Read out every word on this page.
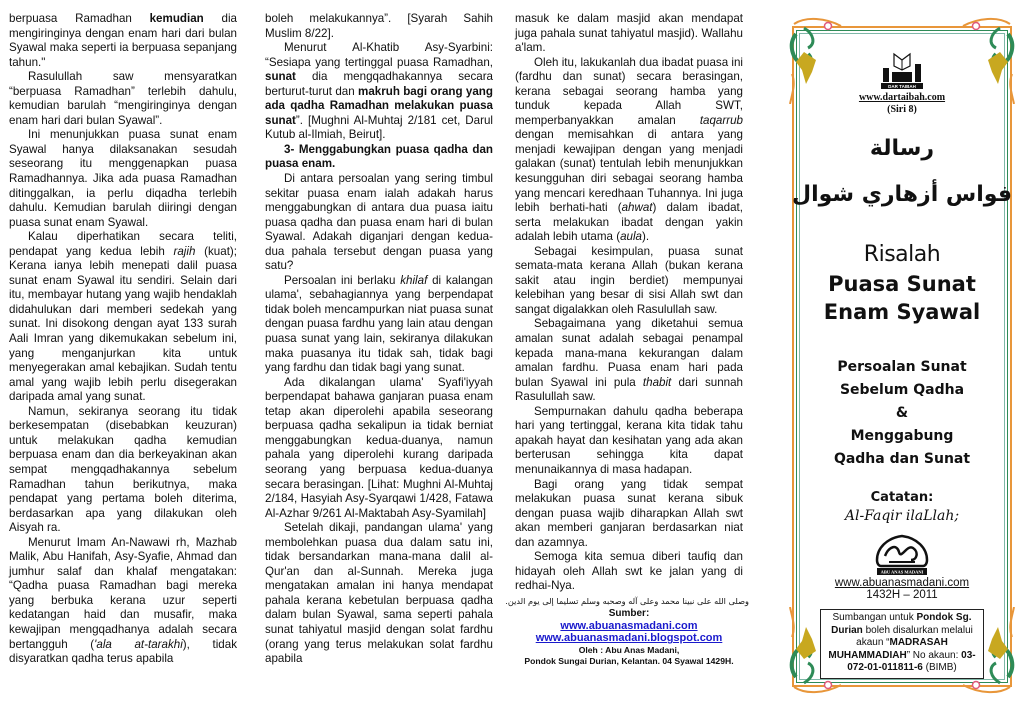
berpuasa Ramadhan kemudian dia mengiringinya dengan enam hari dari bulan Syawal maka seperti ia berpuasa sepanjang tahun."

Rasulullah saw mensyaratkan “berpuasa Ramadhan” terlebih dahulu, kemudian barulah “mengiringinya dengan enam hari dari bulan Syawal”.

Ini menunjukkan puasa sunat enam Syawal hanya dilaksanakan sesudah seseorang itu menggenapkan puasa Ramadhannya. Jika ada puasa Ramadhan ditinggalkan, ia perlu diqadha terlebih dahulu. Kemudian barulah diiringi dengan puasa sunat enam Syawal.

Kalau diperhatikan secara teliti, pendapat yang kedua lebih rajih (kuat); Kerana ianya lebih menepati dalil puasa sunat enam Syawal itu sendiri. Selain dari itu, membayar hutang yang wajib hendaklah didahulukan dari memberi sedekah yang sunat. Ini disokong dengan ayat 133 surah Aali Imran yang dikemukakan sebelum ini, yang menganjurkan kita untuk menyegerakan amal kebajikan. Sudah tentu amal yang wajib lebih perlu disegerakan daripada amal yang sunat.

Namun, sekiranya seorang itu tidak berkesempatan (disebabkan keuzuran) untuk melakukan qadha kemudian berpuasa enam dan dia berkeyakinan akan sempat mengqadhakannya sebelum Ramadhan tahun berikutnya, maka pendapat yang pertama boleh diterima, berdasarkan apa yang dilakukan oleh Aisyah ra.

Menurut Imam An-Nawawi rh, Mazhab Malik, Abu Hanifah, Asy-Syafie, Ahmad dan jumhur salaf dan khalaf mengatakan: “Qadha puasa Ramadhan bagi mereka yang berbuka kerana uzur seperti kedatangan haid dan musafir, maka kewajipan mengqadhanya adalah secara bertangguh ('ala at-tarakhi), tidak disyaratkan qadha terus apabila

boleh melakukannya”. [Syarah Sahih Muslim 8/22].

Menurut Al-Khatib Asy-Syarbini: “Sesiapa yang tertinggal puasa Ramadhan, sunat dia mengqadhakannya secara berturut-turut dan makruh bagi orang yang ada qadha Ramadhan melakukan puasa sunat”. [Mughni Al-Muhtaj 2/181 cet, Darul Kutub al-Ilmiah, Beirut].

3- Menggabungkan puasa qadha dan puasa enam.

Di antara persoalan yang sering timbul sekitar puasa enam ialah adakah harus menggabungkan di antara dua puasa iaitu puasa qadha dan puasa enam hari di bulan Syawal. Adakah diganjari dengan kedua-dua pahala tersebut dengan puasa yang satu?

Persoalan ini berlaku khilaf di kalangan ulama', sebahagiannya yang berpendapat tidak boleh mencampurkan niat puasa sunat dengan puasa fardhu yang lain atau dengan puasa sunat yang lain, sekiranya dilakukan maka puasanya itu tidak sah, tidak bagi yang fardhu dan tidak bagi yang sunat.

Ada dikalangan ulama' Syafi'iyyah berpendapat bahawa ganjaran puasa enam tetap akan diperolehi apabila seseorang berpuasa qadha sekalipun ia tidak berniat menggabungkan kedua-duanya, namun pahala yang diperolehi kurang daripada seorang yang berpuasa kedua-duanya secara berasingan. [Lihat: Mughni Al-Muhtaj 2/184, Hasyiah Asy-Syarqawi 1/428, Fatawa Al-Azhar 9/261 Al-Maktabah Asy-Syamilah]

Setelah dikaji, pandangan ulama' yang membolehkan puasa dua dalam satu ini, tidak bersandarkan mana-mana dalil al-Qur'an dan al-Sunnah. Mereka juga mengatakan amalan ini hanya mendapat pahala kerana kebetulan berpuasa qadha dalam bulan Syawal, sama seperti pahala sunat tahiyatul masjid dengan solat fardhu (orang yang terus melakukan solat fardhu apabila

masuk ke dalam masjid akan mendapat juga pahala sunat tahiyatul masjid). Wallahu a'lam.

Oleh itu, lakukanlah dua ibadat puasa ini (fardhu dan sunat) secara berasingan, kerana sebagai seorang hamba yang tunduk kepada Allah SWT, memperbanyakkan amalan taqarrub dengan memisahkan di antara yang menjadi kewajipan dengan yang menjadi galakan (sunat) tentulah lebih menunjukkan kesungguhan diri sebagai seorang hamba yang mencari keredhaan Tuhannya. Ini juga lebih berhati-hati (ahwat) dalam ibadat, serta melakukan ibadat dengan yakin adalah lebih utama (aula).

Sebagai kesimpulan, puasa sunat semata-mata kerana Allah (bukan kerana sakit atau ingin berdiet) mempunyai kelebihan yang besar di sisi Allah swt dan sangat digalakkan oleh Rasulullah saw.

Sebagaimana yang diketahui semua amalan sunat adalah sebagai penampal kepada mana-mana kekurangan dalam amalan fardhu. Puasa enam hari pada bulan Syawal ini pula thabit dari sunnah Rasulullah saw.

Sempurnakan dahulu qadha beberapa hari yang tertinggal, kerana kita tidak tahu apakah hayat dan kesihatan yang ada akan berterusan sehingga kita dapat menunaikannya di masa hadapan.

Bagi orang yang tidak sempat melakukan puasa sunat kerana sibuk dengan puasa wajib diharapkan Allah swt akan memberi ganjaran berdasarkan niat dan azamnya.

Semoga kita semua diberi taufiq dan hidayah oleh Allah swt ke jalan yang di redhai-Nya.

وصلى الله على نبينا محمد وعلى آله وصحبه وسلم تسليما إلى يوم الدين.
Sumber:
www.abuanasmadani.com
www.abuanasmadani.blogspot.com
Oleh : Abu Anas Madani,
Pondok Sungai Durian, Kelantan. 04 Syawal 1429H.
DAR TAIBAH
www.dartaibah.com
(Siri 8)
رسالة
فواس أزهاري شوال
Risalah
Puasa Sunat
Enam Syawal
Persoalan Sunat
Sebelum Qadha
&
Menggabung
Qadha dan Sunat
Catatan:
Al-Faqir ilaLlah;
ABU ANAS MADANI
www.abuanasmadani.com
1432H – 2011
Sumbangan untuk Pondok Sg. Durian boleh disalurkan melalui akaun “MADRASAH MUHAMMADIAH” No akaun: 03-072-01-011811-6 (BIMB)
